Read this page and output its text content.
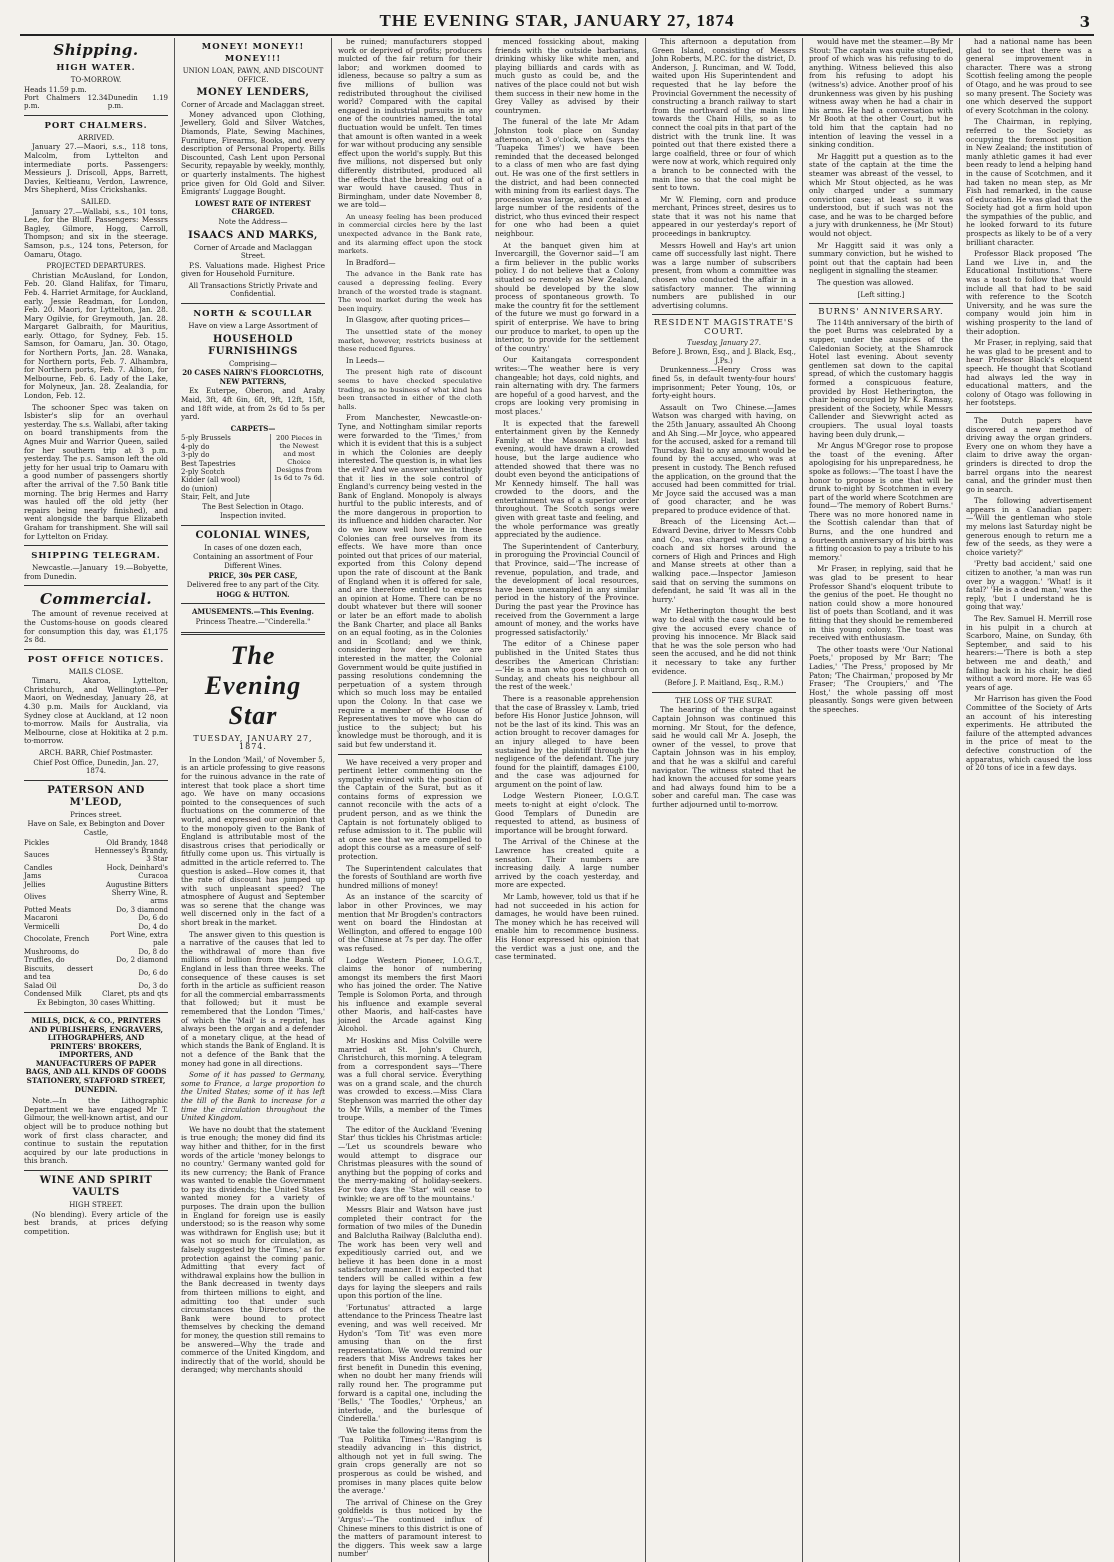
THE EVENING STAR, JANUARY 27, 1874	3
Shipping.
HIGH WATER.
TO-MORROW.
Heads 11.59 p.m.
Port Chalmers 12.34 p.m.
Dunedin 1.19 p.m.
PORT CHALMERS.
ARRIVED.

January 27.—Maori, s.s., 118 tons, Malcolm, from Lyttelton and intermediate ports. Passengers: Messieurs J. Driscoll, Apps, Barrett, Davies, Keltieanu, Verdon, Lawrence, Mrs Shepherd, Miss Crickshanks.

SAILED.

January 27.—Wallabi, s.s., 101 tons, Lee, for the Bluff. Passengers: Messrs Bagley, Gilmore, Hogg, Carroll, Thompson; and six in the steerage. Samson, p.s., 124 tons, Peterson, for Oamaru, Otago.

PROJECTED DEPARTURES.

Christian McAusland, for London, Feb. 20. Gland Halifax, for Timaru, Feb. 4. Harriet Armitage, for Auckland, early. Jessie Readman, for London, Feb. 20. Maori, for Lyttelton, Jan. 28. Mary Ogilvie, for Greymouth, Jan. 28. Margaret Galbraith, for Mauritius, early. Ottago, for Sydney, Feb. 15. Samson, for Oamaru, Jan. 30. Otago, for Northern Ports, Jan. 28. Wanaka, for Northern ports, Feb. 7. Alhambra, for Northern ports, Feb. 7. Albion, for Melbourne, Feb. 6. Lady of the Lake, for Molyneux, Jan. 28. Zealandia, for London, Feb. 12.

The schooner Spec was taken on Isbister's slip for an overhaul yesterday. The s.s. Wallabi, after taking on board transhipments from the Agnes Muir and Warrior Queen, sailed for her southern trip at 3 p.m. yesterday. The p.s. Samson left the old jetty for her usual trip to Oamaru with a good number of passengers shortly after the arrival of the 7.50 Bank title morning. The brig Hermes and Harry was hauled off the old jetty (her repairs being nearly finished), and went alongside the barque Elizabeth Graham for transhipment. She will sail for Lyttelton on Friday.

SHIPPING TELEGRAM.

Newcastle.—January 19.—Bobyette, from Dunedin.

Commercial.

The amount of revenue received at the Customs-house on goods cleared for consumption this day, was £1,175 2s 8d.

POST OFFICE NOTICES.
MAILS CLOSE.

Timaru, Akaroa, Lyttelton, Christchurch, and Wellington.—Per Maori, on Wednesday, January 28, at 4.30 p.m. Mails for Auckland, via Sydney close at Auckland, at 12 noon to-morrow. Mails for Australia, via Melbourne, close at Hokitika at 2 p.m. to-morrow.

ARCH. BARR, Chief Postmaster.
Chief Post Office, Dunedin, Jan. 27, 1874.
PATERSON AND M'LEOD,
Princes street.
Have on Sale, ex Bebington and Dover Castle,
Pickles	Old Brandy, 1848
Sauces	Hennessey's Brandy, 3 Star
Candles	Hock, Deinhard's
Jams	Curacoa
Jellies	Augustine Bitters
Olives	Sherry Wine, R. arms
Potted Meats	Do, 3 diamond
Macaroni	Do, 6 do
Vermicelli	Do, 4 do
Chocolate, French	Port Wine, extra pale
Mushrooms, do	Do, 8 do
Truffles, do	Do, 2 diamond
Biscuits, dessert and tea	Do, 6 do
Salad Oil	Do, 3 do
Condensed Milk	Claret, pts and qts
Ex Bebington, 30 cases Whitting.

MILLS, DICK, & CO., PRINTERS AND PUBLISHERS, ENGRAVERS, LITHOGRAPHERS, AND PRINTERS' BROKERS, IMPORTERS, AND MANUFACTURERS OF PAPER BAGS, AND ALL KINDS OF GOODS STATIONERY, STAFFORD STREET, DUNEDIN.

Note.—In the Lithographic Department we have engaged Mr T. Gilmour, the well-known artist, and our object will be to produce nothing but work of first class character, and continue to sustain the reputation acquired by our late productions in this branch.

WINE AND SPIRIT VAULTS
HIGH STREET.

(No blending). Every article of the best brands, at prices defying competition.

MONEY! MONEY!! MONEY!!!
UNION LOAN, PAWN, AND DISCOUNT OFFICE.
MONEY LENDERS,
Corner of Arcade and Maclaggan street.

Money advanced upon Clothing, Jewellery, Gold and Silver Watches, Diamonds, Plate, Sewing Machines, Furniture, Firearms, Books, and every description of Personal Property. Bills Discounted, Cash Lent upon Personal Security, repayable by weekly, monthly, or quarterly instalments. The highest price given for Old Gold and Silver. Emigrants' Luggage Bought.

LOWEST RATE OF INTEREST CHARGED.
Note the Address—
ISAACS AND MARKS,
Corner of Arcade and Maclaggan Street.

P.S. Valuations made. Highest Price given for Household Furniture.

All Transactions Strictly Private and Confidential.
NORTH & SCOULLAR
Have on view a Large Assortment of
HOUSEHOLD FURNISHINGS
Comprising—
20 CASES NAIRN'S FLOORCLOTHS, NEW PATTERNS,

Ex Euterpe, Oberon, and Araby Maid, 3ft, 4ft 6in, 6ft, 9ft, 12ft, 15ft, and 18ft wide, at from 2s 6d to 5s per yard.

CARPETS—
5-ply Brussels
4-ply do
3-ply do
Best Tapestries
2-ply Scotch
Kidder (all wool)
do (union)
Stair, Felt, and Jute
200 Pieces in the Newest and most Choice Designs from 1s 6d to 7s 6d.
The Best Selection in Otago.
Inspection invited.
COLONIAL WINES,
In cases of one dozen each,
Containing an assortment of Four Different Wines.
PRICE, 30s PER CASE,
Delivered free to any part of the City.
HOGG & HUTTON.
AMUSEMENTS.—This Evening.
Princess Theatre.—"Cinderella."
The Evening Star
TUESDAY, JANUARY 27, 1874.

In the London 'Mail,' of November 5, is an article professing to give reasons for the ruinous advance in the rate of interest that took place a short time ago. We have on many occasions pointed to the consequences of such fluctuations on the commerce of the world, and expressed our opinion that to the monopoly given to the Bank of England is attributable most of the disastrous crises that periodically or fitfully come upon us. This virtually is admitted in the article referred to. The question is asked—How comes it, that the rate of discount has jumped up with such unpleasant speed? The atmosphere of August and September was so serene that the change was well discerned only in the fact of a short break in the market.

The answer given to this question is a narrative of the causes that led to the withdrawal of more than five millions of bullion from the Bank of England in less than three weeks. The consequence of these causes is set forth in the article as sufficient reason for all the commercial embarrassments that followed; but it must be remembered that the London 'Times,' of which the 'Mail' is a reprint, has always been the organ and a defender of a monetary clique, at the head of which stands the Bank of England. It is not a defence of the Bank that the money had gone in all directions.

Some of it has passed to Germany, some to France, a large proportion to the United States; some of it has left the till of the Bank to increase for a time the circulation throughout the United Kingdom.

We have no doubt that the statement is true enough; the money did find its way hither and thither, for in the first words of the article 'money belongs to no country.' Germany wanted gold for its new currency; the Bank of France was wanted to enable the Government to pay its dividends; the United States wanted money for a variety of purposes. The drain upon the bullion in England for foreign use is easily understood; so is the reason why some was withdrawn for English use; but it was not so much for circulation, as falsely suggested by the 'Times,' as for protection against the coming panic. Admitting that every fact of withdrawal explains how the bullion in the Bank decreased in twenty days from thirteen millions to eight, and admitting too that under such circumstances the Directors of the Bank were bound to protect themselves by checking the demand for money, the question still remains to be answered—Why the trade and commerce of the United Kingdom, and indirectly that of the world, should be deranged; why merchants should

be ruined; manufacturers stopped work or deprived of profits; producers mulcted of the fair return for their labor; and workmen doomed to idleness, because so paltry a sum as five millions of bullion was redistributed throughout the civilised world? Compared with the capital engaged in industrial pursuits in any one of the countries named, the total fluctuation would be unfelt. Ten times that amount is often wanted in a week for war without producing any sensible effect upon the world's supply. But this five millions, not dispersed but only differently distributed, produced all the effects that the breaking out of a war would have caused. Thus in Birmingham, under date November 8, we are told—

An uneasy feeling has been produced in commercial circles here by the last unexpected advance in the Bank rate, and its alarming effect upon the stock markets.

In Bradford—

The advance in the Bank rate has caused a depressing feeling. Every branch of the worsted trade is stagnant. The wool market during the week has been inquiry.

In Glasgow, after quoting prices—

The unsettled state of the money market, however, restricts business at these reduced figures.

In Leeds—

The present high rate of discount seems to have checked speculative trading, as no business of what kind has been transacted in either of the cloth halls.

From Manchester, Newcastle-on-Tyne, and Nottingham similar reports were forwarded to the 'Times,' from which it is evident that this is a subject in which the Colonies are deeply interested. The question is, in what lies the evil? And we answer unhesitatingly that it lies in the sole control of England's currency being vested in the Bank of England. Monopoly is always hurtful to the public interests, and of the more dangerous in proportion to its influence and hidden character. Nor do we know well how we in these Colonies can free ourselves from its effects. We have more than once pointed out that prices of our material, exported from this Colony depend upon the rate of discount at the Bank of England when it is offered for sale, and are therefore entitled to express an opinion at Home. There can be no doubt whatever but there will sooner or later be an effort made to abolish the Bank Charter, and place all Banks on an equal footing, as in the Colonies and in Scotland; and we think, considering how deeply we are interested in the matter, the Colonial Government would be quite justified in passing resolutions condemning the perpetuation of a system through which so much loss may be entailed upon the Colony. In that case we require a member of the House of Representatives to move who can do justice to the subject; but his knowledge must be thorough, and it is said but few understand it.

We have received a very proper and pertinent letter commenting on the sympathy evinced with the position of the Captain of the Surat, but as it contains forms of expression we cannot reconcile with the acts of a prudent person, and as we think the Captain is not fortunately obliged to refuse admission to it. The public will at once see that we are compelled to adopt this course as a measure of self-protection.

The Superintendent calculates that the forests of Southland are worth five hundred millions of money!

As an instance of the scarcity of labor in other Provinces, we may mention that Mr Brogden's contractors went on board the Hindostan at Wellington, and offered to engage 100 of the Chinese at 7s per day. The offer was refused.

Lodge Western Pioneer, I.O.G.T., claims the honor of numbering amongst its members the first Maori who has joined the order. The Native Temple is Solomon Porta, and through his influence and example several other Maoris, and half-castes have joined the Arcade against King Alcohol.

Mr Hoskins and Miss Colville were married at St. John's Church, Christchurch, this morning. A telegram from a correspondent says—'There was a full choral service. Everything was on a grand scale, and the church was crowded to excess.—Miss Clara Stephenson was married the other day to Mr Wills, a member of the Times troupe.

The editor of the Auckland 'Evening Star' thus tickles his Christmas article:—'Let us scoundrels beware who would attempt to disgrace our Christmas pleasures with the sound of anything but the popping of corks and the merry-making of holiday-seekers. For two days the 'Star' will cease to twinkle; we are off to the mountains.'

Messrs Blair and Watson have just completed their contract for the formation of two miles of the Dunedin and Balclutha Railway (Balclutha end). The work has been very well and expeditiously carried out, and we believe it has been done in a most satisfactory manner. It is expected that tenders will be called within a few days for laying the sleepers and rails upon this portion of the line.

'Fortunatus' attracted a large attendance to the Princess Theatre last evening, and was well received. Mr Hydon's 'Tom Tit' was even more amusing than on the first representation. We would remind our readers that Miss Andrews takes her first benefit in Dunedin this evening, when no doubt her many friends will rally round her. The programme put forward is a capital one, including the 'Bells,' 'The Toodles,' 'Orpheus,' an interlude, and the burlesque of Cinderella.'

We take the following items from the 'Tua Politika Times':—'Ranging is steadily advancing in this district, although not yet in full swing. The grain crops generally are not so prosperous as could be wished, and promises in many places quite below the average.'

The arrival of Chinese on the Grey goldfields is thus noticed by the 'Argus':—'The continued influx of Chinese miners to this district is one of the matters of paramount interest to the diggers. This week saw a large number'

menced fossicking about, making friends with the outside barbarians, drinking whisky like white men, and playing billiards and cards with as much gusto as could be, and the natives of the place could not but wish them success in their new home in the Grey Valley as advised by their countrymen.

The funeral of the late Mr Adam Johnston took place on Sunday afternoon, at 3 o'clock, when (says the 'Tuapeka Times') we have been reminded that the deceased belonged to a class of men who are fast dying out. He was one of the first settlers in the district, and had been connected with mining from its earliest days. The procession was large, and contained a large number of the residents of the district, who thus evinced their respect for one who had been a quiet neighbour.

At the banquet given him at Invercargill, the Governor said—'I am a firm believer in the public works policy. I do not believe that a Colony situated so remotely as New Zealand, should be developed by the slow process of spontaneous growth. To make the country fit for the settlement of the future we must go forward in a spirit of enterprise. We have to bring our produce to market, to open up the interior, to provide for the settlement of the country.'

Our Kaitangata correspondent writes:—'The weather here is very changeable; hot days, cold nights, and rain alternating with dry. The farmers are hopeful of a good harvest, and the crops are looking very promising in most places.'

It is expected that the farewell entertainment given by the Kennedy Family at the Masonic Hall, last evening, would have drawn a crowded house, but the large audience who attended showed that there was no doubt even beyond the anticipations of Mr Kennedy himself. The hall was crowded to the doors, and the entertainment was of a superior order throughout. The Scotch songs were given with great taste and feeling, and the whole performance was greatly appreciated by the audience.

The Superintendent of Canterbury, in proroguing the Provincial Council of that Province, said—'The increase of revenue, population, and trade, and the development of local resources, have been unexampled in any similar period in the history of the Province. During the past year the Province has received from the Government a large amount of money, and the works have progressed satisfactorily.'

The editor of a Chinese paper published in the United States thus describes the American Christian:—'He is a man who goes to church on Sunday, and cheats his neighbour all the rest of the week.'

There is a reasonable apprehension that the case of Brassley v. Lamb, tried before His Honor Justice Johnson, will not be the last of its kind. This was an action brought to recover damages for an injury alleged to have been sustained by the plaintiff through the negligence of the defendant. The jury found for the plaintiff, damages £100, and the case was adjourned for argument on the point of law.

Lodge Western Pioneer, I.O.G.T. meets to-night at eight o'clock. The Good Templars of Dunedin are requested to attend, as business of importance will be brought forward.

The Arrival of the Chinese at the Lawrence has created quite a sensation. Their numbers are increasing daily. A large number arrived by the coach yesterday, and more are expected.

Mr Lamb, however, told us that if he had not succeeded in his action for damages, he would have been ruined. The money which he has received will enable him to recommence business. His Honor expressed his opinion that the verdict was a just one, and the case terminated.

This afternoon a deputation from Green Island, consisting of Messrs John Roberts, M.P.C. for the district, D. Anderson, J. Runciman, and W. Todd, waited upon His Superintendent and requested that he lay before the Provincial Government the necessity of constructing a branch railway to start from the northward of the main line towards the Chain Hills, so as to connect the coal pits in that part of the district with the trunk line. It was pointed out that there existed there a large coalfield, three or four of which were now at work, which required only a branch to be connected with the main line so that the coal might be sent to town.

Mr W. Fleming, corn and produce merchant, Princes street, desires us to state that it was not his name that appeared in our yesterday's report of proceedings in bankruptcy.

Messrs Howell and Hay's art union came off successfully last night. There was a large number of subscribers present, from whom a committee was chosen who conducted the affair in a satisfactory manner. The winning numbers are published in our advertising columns.

RESIDENT MAGISTRATE'S COURT.
Tuesday, January 27.
Before J. Brown, Esq., and J. Black, Esq., J.Ps.)

Drunkenness.—Henry Cross was fined 5s, in default twenty-four hours' imprisonment; Peter Young, 10s, or forty-eight hours.

Assault on Two Chinese.—James Watson was charged with having, on the 25th January, assaulted Ah Choong and Ah Sing.—Mr Joyce, who appeared for the accused, asked for a remand till Thursday. Bail to any amount would be found by the accused, who was at present in custody. The Bench refused the application, on the ground that the accused had been committed for trial. Mr Joyce said the accused was a man of good character, and he was prepared to produce evidence of that.

Breach of the Licensing Act.—Edward Devine, driver to Messrs Cobb and Co., was charged with driving a coach and six horses around the corners of High and Princes and High and Manse streets at other than a walking pace.—Inspector Jamieson said that on serving the summons on defendant, he said 'It was all in the hurry.'

Mr Hetherington thought the best way to deal with the case would be to give the accused every chance of proving his innocence. Mr Black said that he was the sole person who had seen the accused, and he did not think it necessary to take any further evidence.

(Before J. P. Maitland, Esq., R.M.)
THE LOSS OF THE SURAT.

The hearing of the charge against Captain Johnson was continued this morning. Mr Stout, for the defence, said he would call Mr A. Joseph, the owner of the vessel, to prove that Captain Johnson was in his employ, and that he was a skilful and careful navigator. The witness stated that he had known the accused for some years and had always found him to be a sober and careful man. The case was further adjourned until to-morrow.

would have met the steamer.—By Mr Stout: The captain was quite stupefied, proof of which was his refusing to do anything. Witness believed this also from his refusing to adopt his (witness's) advice. Another proof of his drunkenness was given by his pushing witness away when he had a chair in his arms. He had a conversation with Mr Booth at the other Court, but he told him that the captain had no intention of leaving the vessel in a sinking condition.

Mr Haggitt put a question as to the state of the captain at the time the steamer was abreast of the vessel, to which Mr Stout objected, as he was only charged under a summary conviction case; at least so it was understood, but if such was not the case, and he was to be charged before a jury with drunkenness, he (Mr Stout) would not object.

Mr Haggitt said it was only a summary conviction, but he wished to point out that the captain had been negligent in signalling the steamer.

The question was allowed.

[Left sitting.]
BURNS' ANNIVERSARY.

The 114th anniversary of the birth of the poet Burns was celebrated by a supper, under the auspices of the Caledonian Society, at the Shamrock Hotel last evening. About seventy gentlemen sat down to the capital spread, of which the customary haggis formed a conspicuous feature, provided by Host Hetherington, the chair being occupied by Mr K. Ramsay, president of the Society, while Messrs Callender and Sievwright acted as croupiers. The usual loyal toasts having been duly drunk,—

Mr Angus M'Gregor rose to propose the toast of the evening. After apologising for his unpreparedness, he spoke as follows:—'The toast I have the honor to propose is one that will be drunk to-night by Scotchmen in every part of the world where Scotchmen are found—'The memory of Robert Burns.' There was no more honored name in the Scottish calendar than that of Burns, and the one hundred and fourteenth anniversary of his birth was a fitting occasion to pay a tribute to his memory.'

Mr Fraser, in replying, said that he was glad to be present to hear Professor Shand's eloquent tribute to the genius of the poet. He thought no nation could show a more honoured list of poets than Scotland, and it was fitting that they should be remembered in this young colony. The toast was received with enthusiasm.

The other toasts were 'Our National Poets,' proposed by Mr Barr; 'The Ladies,' 'The Press,' proposed by Mr Paton; 'The Chairman,' proposed by Mr Fraser; 'The Croupiers,' and 'The Host,' the whole passing off most pleasantly. Songs were given between the speeches.

had a national name has been glad to see that there was a general improvement in character. There was a strong Scottish feeling among the people of Otago, and he was proud to see so many present. The Society was one which deserved the support of every Scotchman in the colony.

The Chairman, in replying, referred to the Society as occupying the foremost position in New Zealand; the institution of manly athletic games it had ever been ready to lend a helping hand in the cause of Scotchmen, and it had taken no mean step, as Mr Fish had remarked, in the cause of education. He was glad that the Society had got a firm hold upon the sympathies of the public, and he looked forward to its future prospects as likely to be of a very brilliant character.

Professor Black proposed 'The Land we Live in, and the Educational Institutions.' There was a toast to follow that would include all that had to be said with reference to the Scotch University, and he was sure the company would join him in wishing prosperity to the land of their adoption.

Mr Fraser, in replying, said that he was glad to be present and to hear Professor Black's eloquent speech. He thought that Scotland had always led the way in educational matters, and the colony of Otago was following in her footsteps.

The Dutch papers have discovered a new method of driving away the organ grinders. Every one on whom they have a claim to drive away the organ-grinders is directed to drop the barrel organs into the nearest canal, and the grinder must then go in search.

The following advertisement appears in a Canadian paper:—'Will the gentleman who stole my melons last Saturday night be generous enough to return me a few of the seeds, as they were a choice variety?'

'Pretty bad accident,' said one citizen to another, 'a man was run over by a waggon.' 'What! is it fatal?' 'He is a dead man,' was the reply, 'but I understand he is going that way.'

The Rev. Samuel H. Merrill rose in his pulpit in a church at Scarboro, Maine, on Sunday, 6th September, and said to his hearers:—'There is both a step between me and death,' and falling back in his chair, he died without a word more. He was 65 years of age.

Mr Harrison has given the Food Committee of the Society of Arts an account of his interesting experiments. He attributed the failure of the attempted advances in the price of meat to the defective construction of the apparatus, which caused the loss of 20 tons of ice in a few days.
